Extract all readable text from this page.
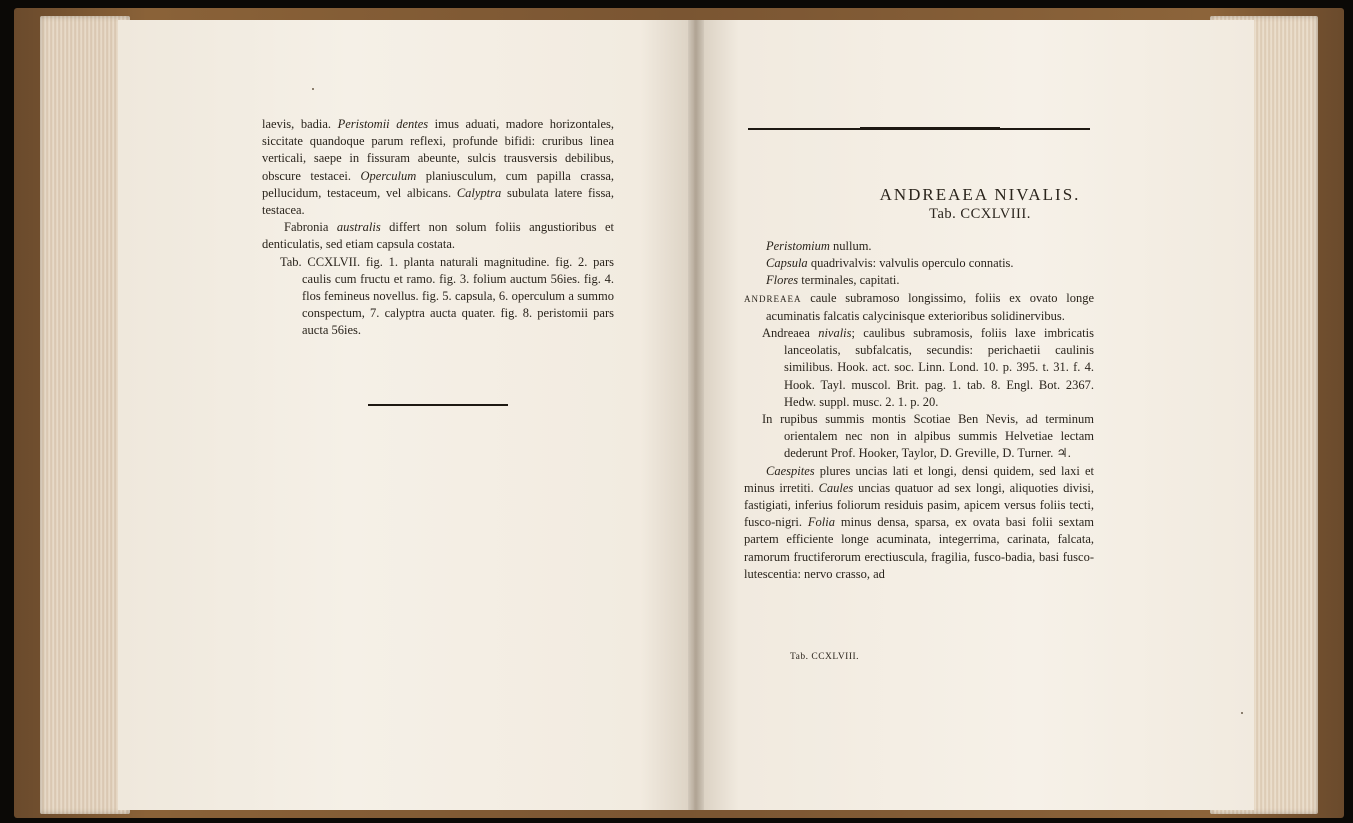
laevis, badia. Peristomii dentes imus aduati, madore horizontales, siccitate quandoque parum reflexi, profunde bifidi: cruribus linea verticali, saepe in fissuram abeunte, sulcis trausversis debilibus, obscure testacei. Operculum planiusculum, cum papilla crassa, pellucidum, testaceum, vel albicans. Calyptra subulata latere fissa, testacea.

Fabronia australis differt non solum foliis angustioribus et denticulatis, sed etiam capsula costata.

Tab. CCXLVII. fig. 1. planta naturali magnitudine. fig. 2. pars caulis cum fructu et ramo. fig. 3. folium auctum 56ies. fig. 4. flos femineus novellus. fig. 5. capsula, 6. operculum a summo conspectum, 7. calyptra aucta quater. fig. 8. peristomii pars aucta 56ies.

ANDREAEA NIVALIS.
Tab. CCXLVIII.

Peristomium nullum.

Capsula quadrivalvis: valvulis operculo connatis.

Flores terminales, capitati.

ANDREAEA caule subramoso longissimo, foliis ex ovato longe acuminatis falcatis calycinisque exterioribus solidinervibus.

Andreaea nivalis; caulibus subramosis, foliis laxe imbricatis lanceolatis, subfalcatis, secundis: perichaetii caulinis similibus. Hook. act. soc. Linn. Lond. 10. p. 395. t. 31. f. 4. Hook. Tayl. muscol. Brit. pag. 1. tab. 8. Engl. Bot. 2367. Hedw. suppl. musc. 2. 1. p. 20.

In rupibus summis montis Scotiae Ben Nevis, ad terminum orientalem nec non in alpibus summis Helvetiae lectam dederunt Prof. Hooker, Taylor, D. Greville, D. Turner. ♃.

Caespites plures uncias lati et longi, densi quidem, sed laxi et minus irretiti. Caules uncias quatuor ad sex longi, aliquoties divisi, fastigiati, inferius foliorum residuis pasim, apicem versus foliis tecti, fusco-nigri. Folia minus densa, sparsa, ex ovata basi folii sextam partem efficiente longe acuminata, integerrima, carinata, falcata, ramorum fructiferorum erectiuscula, fragilia, fusco-badia, basi fusco-lutescentia: nervo crasso, ad

Tab. CCXLVIII.
